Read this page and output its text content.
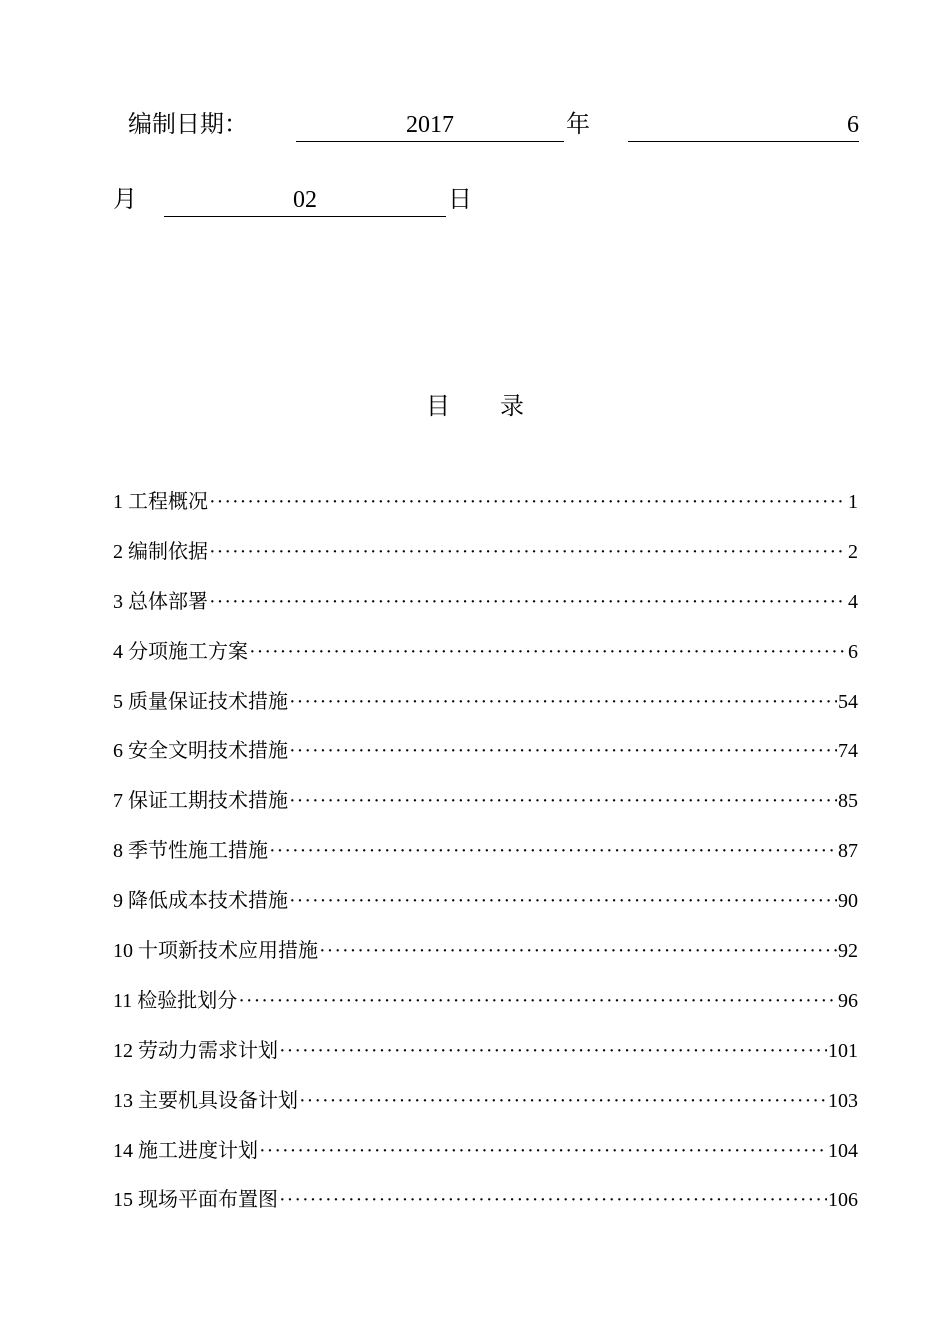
编制日期：	2017	年	6
月	02	日
目录
1 工程概况 ·····	1
2 编制依据 ·····	2
3 总体部署 ·····	4
4 分项施工方案 ·····	6
5 质量保证技术措施 ·····	54
6 安全文明技术措施 ·····	74
7 保证工期技术措施 ·····	85
8 季节性施工措施 ·····	87
9 降低成本技术措施 ·····	90
10 十项新技术应用措施 ·····	92
11 检验批划分 ·····	96
12 劳动力需求计划 ·····	101
13 主要机具设备计划 ·····	103
14 施工进度计划 ·····	104
15 现场平面布置图 ·····	106
